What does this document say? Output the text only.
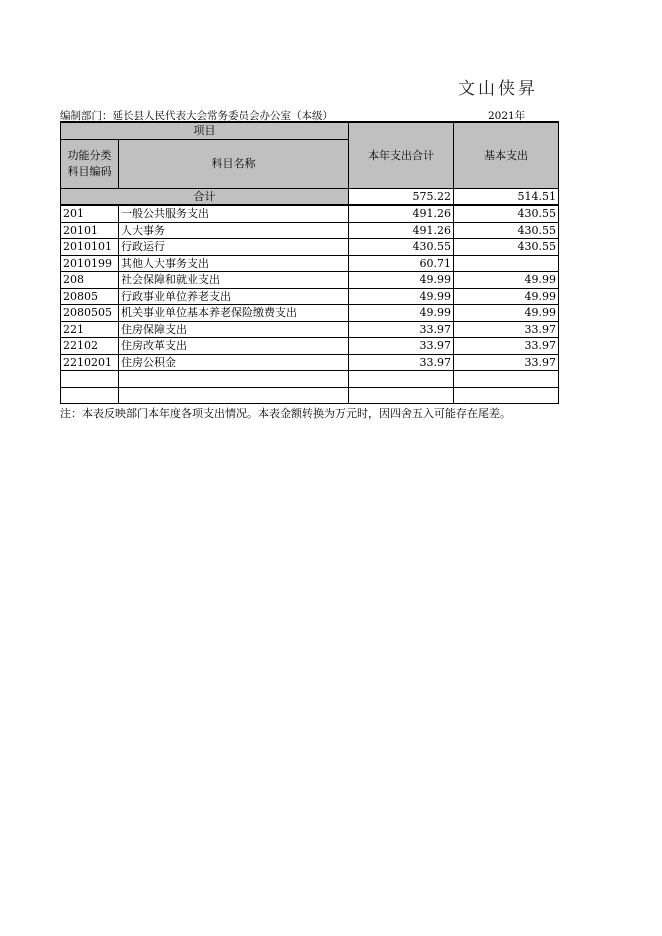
文山侠昇
编制部门：延长县人民代表大会常务委员会办公室（本级）	2021年
项目		本年支出合计	基本支出
功能分类
科目编码	科目名称		
合计		575.22	514.51
201	一般公共服务支出	491.26	430.55
20101	人大事务	491.26	430.55
2010101	行政运行	430.55	430.55
2010199	其他人大事务支出	60.71	
208	社会保障和就业支出	49.99	49.99
20805	行政事业单位养老支出	49.99	49.99
2080505	机关事业单位基本养老保险缴费支出	49.99	49.99
221	住房保障支出	33.97	33.97
22102	住房改革支出	33.97	33.97
2210201	住房公积金	33.97	33.97

注：本表反映部门本年度各项支出情况。本表金额转换为万元时，因四舍五入可能存在尾差。
